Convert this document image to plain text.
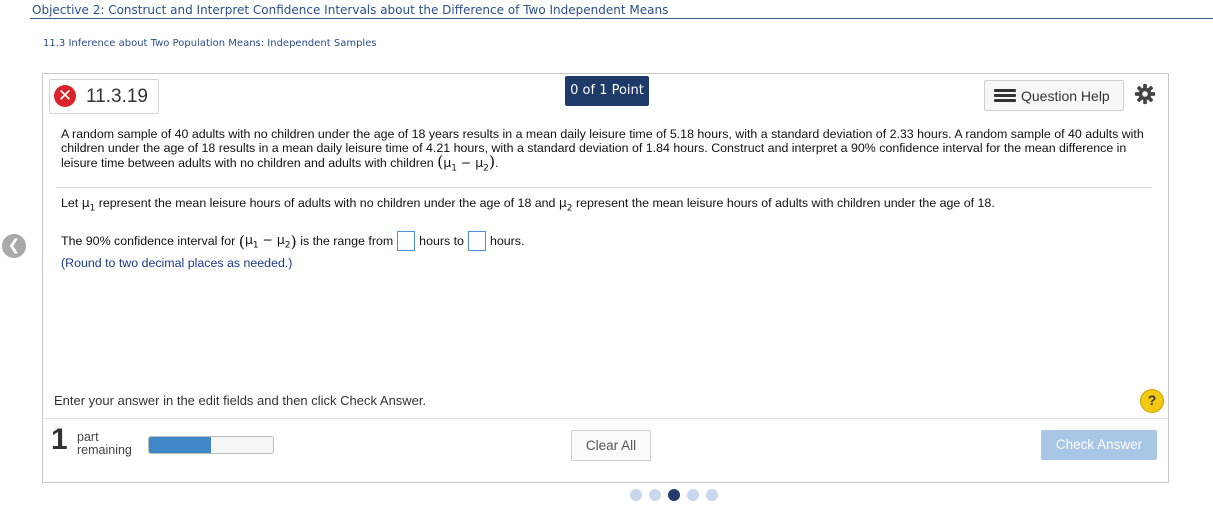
Objective 2: Construct and Interpret Confidence Intervals about the Difference of Two Independent Means
11.3 Inference about Two Population Means: Independent Samples
❮
✕ 11.3.19	0 of 1 Point	Question Help
A random sample of 40 adults with no children under the age of 18 years results in a mean daily leisure time of 5.18 hours, with a standard deviation of 2.33 hours. A random sample of 40 adults with children under the age of 18 results in a mean daily leisure time of 4.21 hours, with a standard deviation of 1.84 hours. Construct and interpret a 90% confidence interval for the mean difference in leisure time between adults with no children and adults with children $(\mu_1 - \mu_2)$.
Let $\mu_1$ represent the mean leisure hours of adults with no children under the age of 18 and $\mu_2$ represent the mean leisure hours of adults with children under the age of 18.
The 90% confidence interval for
( $\mu_1 - \mu_2$ )
is the range from hours to hours.
(Round to two decimal places as needed.)
Enter your answer in the edit fields and then click Check Answer.	?
1 part
remaining	Clear All	Check Answer
